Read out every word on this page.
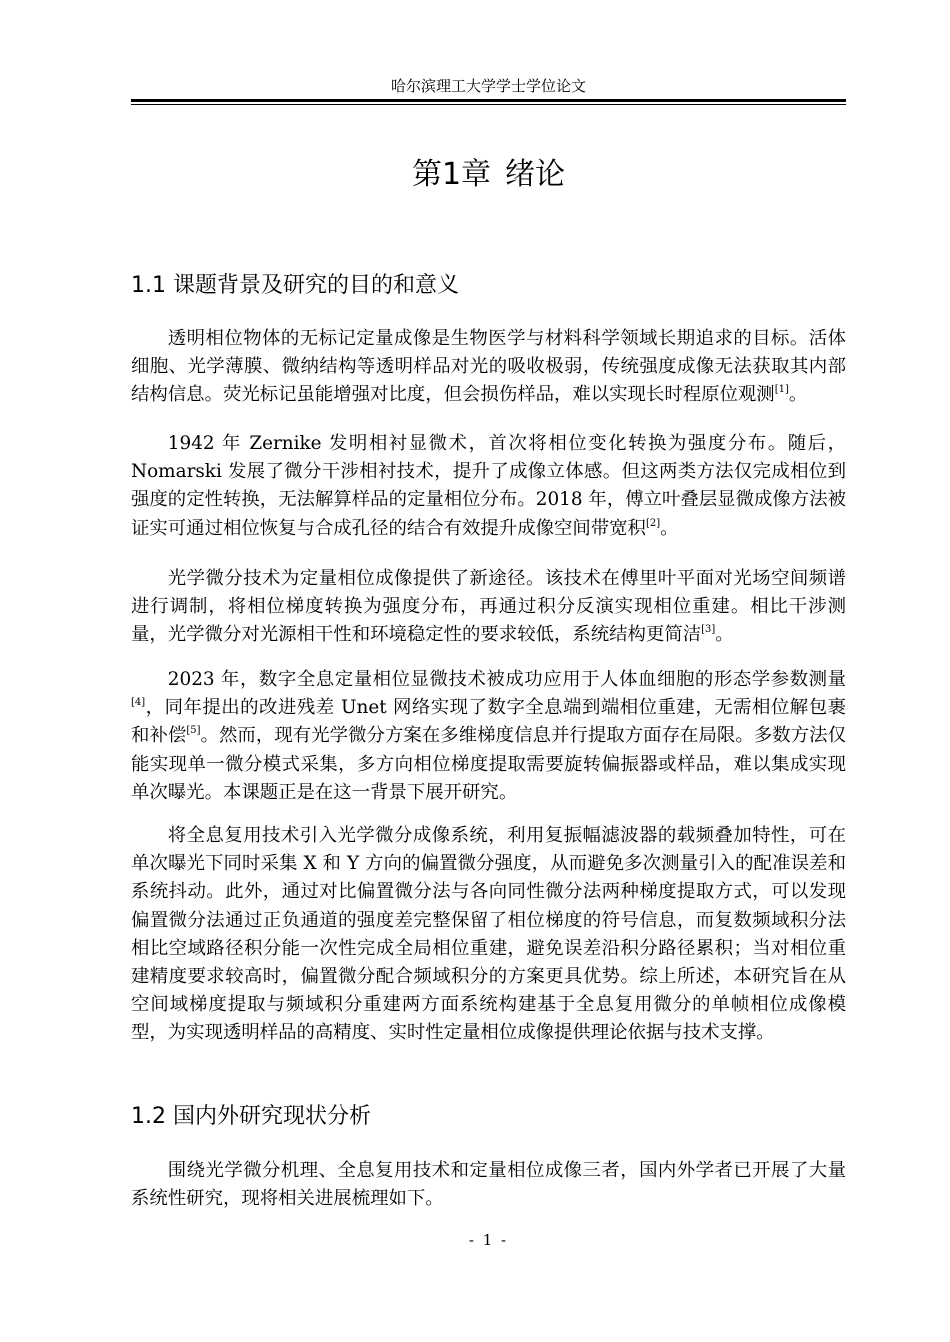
哈尔滨理工大学学士学位论文
第1章 绪论
1.1 课题背景及研究的目的和意义

透明相位物体的无标记定量成像是生物医学与材料科学领域长期追求的目标。活体细胞、光学薄膜、微纳结构等透明样品对光的吸收极弱，传统强度成像无法获取其内部结构信息。荧光标记虽能增强对比度，但会损伤样品，难以实现长时程原位观测[1]。

1942 年 Zernike 发明相衬显微术，首次将相位变化转换为强度分布。随后，Nomarski 发展了微分干涉相衬技术，提升了成像立体感。但这两类方法仅完成相位到强度的定性转换，无法解算样品的定量相位分布。2018 年，傅立叶叠层显微成像方法被证实可通过相位恢复与合成孔径的结合有效提升成像空间带宽积[2]。

光学微分技术为定量相位成像提供了新途径。该技术在傅里叶平面对光场空间频谱进行调制，将相位梯度转换为强度分布，再通过积分反演实现相位重建。相比干涉测量，光学微分对光源相干性和环境稳定性的要求较低，系统结构更简洁[3]。

2023 年，数字全息定量相位显微技术被成功应用于人体血细胞的形态学参数测量[4]，同年提出的改进残差 Unet 网络实现了数字全息端到端相位重建，无需相位解包裹和补偿[5]。然而，现有光学微分方案在多维梯度信息并行提取方面存在局限。多数方法仅能实现单一微分模式采集，多方向相位梯度提取需要旋转偏振器或样品，难以集成实现单次曝光。本课题正是在这一背景下展开研究。

将全息复用技术引入光学微分成像系统，利用复振幅滤波器的载频叠加特性，可在单次曝光下同时采集 X 和 Y 方向的偏置微分强度，从而避免多次测量引入的配准误差和系统抖动。此外，通过对比偏置微分法与各向同性微分法两种梯度提取方式，可以发现偏置微分法通过正负通道的强度差完整保留了相位梯度的符号信息，而复数频域积分法相比空域路径积分能一次性完成全局相位重建，避免误差沿积分路径累积；当对相位重建精度要求较高时，偏置微分配合频域积分的方案更具优势。综上所述，本研究旨在从空间域梯度提取与频域积分重建两方面系统构建基于全息复用微分的单帧相位成像模型，为实现透明样品的高精度、实时性定量相位成像提供理论依据与技术支撑。

1.2 国内外研究现状分析

围绕光学微分机理、全息复用技术和定量相位成像三者，国内外学者已开展了大量系统性研究，现将相关进展梳理如下。

- 1 -
